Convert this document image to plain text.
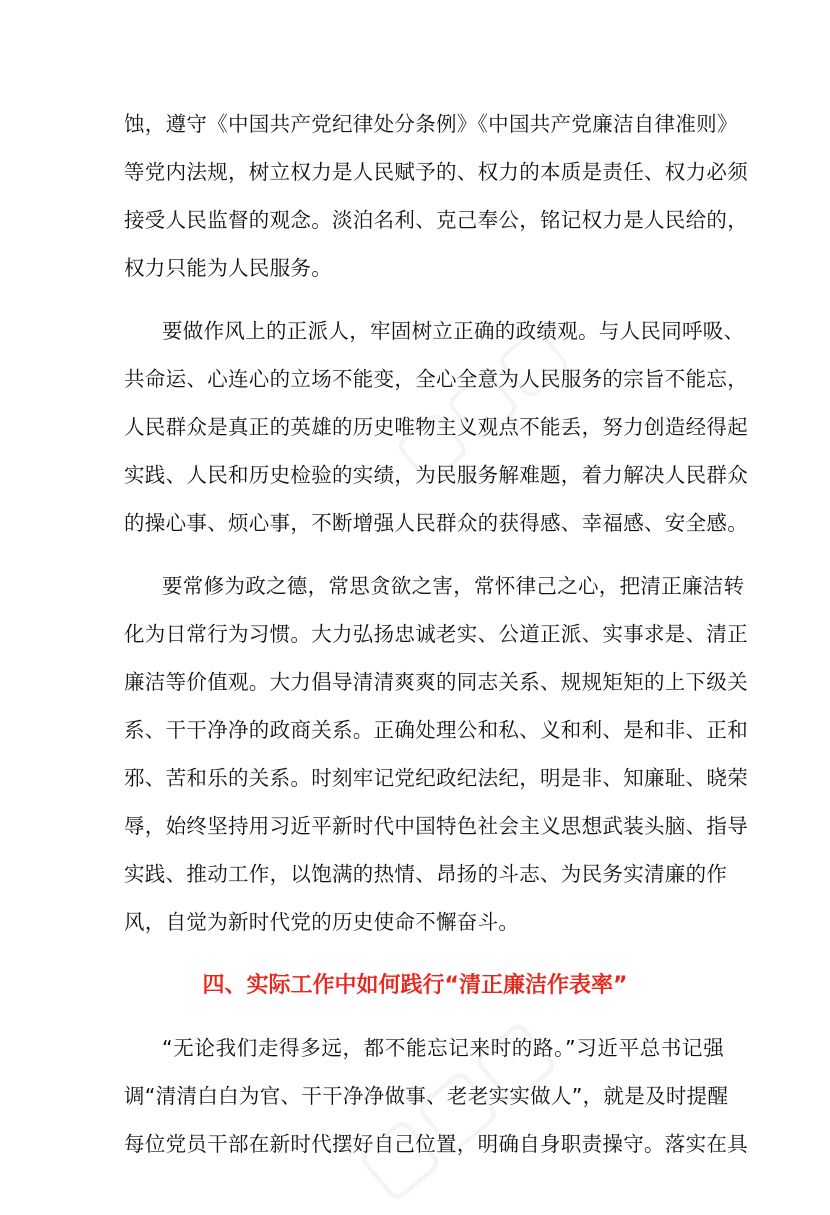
蚀，遵守《中国共产党纪律处分条例》《中国共产党廉洁自律准则》
等党内法规，树立权力是人民赋予的、权力的本质是责任、权力必须
接受人民监督的观念。淡泊名利、克己奉公，铭记权力是人民给的，
权力只能为人民服务。
要做作风上的正派人，牢固树立正确的政绩观。与人民同呼吸、
共命运、心连心的立场不能变，全心全意为人民服务的宗旨不能忘，
人民群众是真正的英雄的历史唯物主义观点不能丢，努力创造经得起
实践、人民和历史检验的实绩，为民服务解难题，着力解决人民群众
的操心事、烦心事，不断增强人民群众的获得感、幸福感、安全感。
要常修为政之德，常思贪欲之害，常怀律己之心，把清正廉洁转
化为日常行为习惯。大力弘扬忠诚老实、公道正派、实事求是、清正
廉洁等价值观。大力倡导清清爽爽的同志关系、规规矩矩的上下级关
系、干干净净的政商关系。正确处理公和私、义和利、是和非、正和
邪、苦和乐的关系。时刻牢记党纪政纪法纪，明是非、知廉耻、晓荣
辱，始终坚持用习近平新时代中国特色社会主义思想武装头脑、指导
实践、推动工作，以饱满的热情、昂扬的斗志、为民务实清廉的作
风，自觉为新时代党的历史使命不懈奋斗。
四、实际工作中如何践行“清正廉洁作表率”
“无论我们走得多远，都不能忘记来时的路。”习近平总书记强
调“清清白白为官、干干净净做事、老老实实做人”，就是及时提醒
每位党员干部在新时代摆好自己位置，明确自身职责操守。落实在具
